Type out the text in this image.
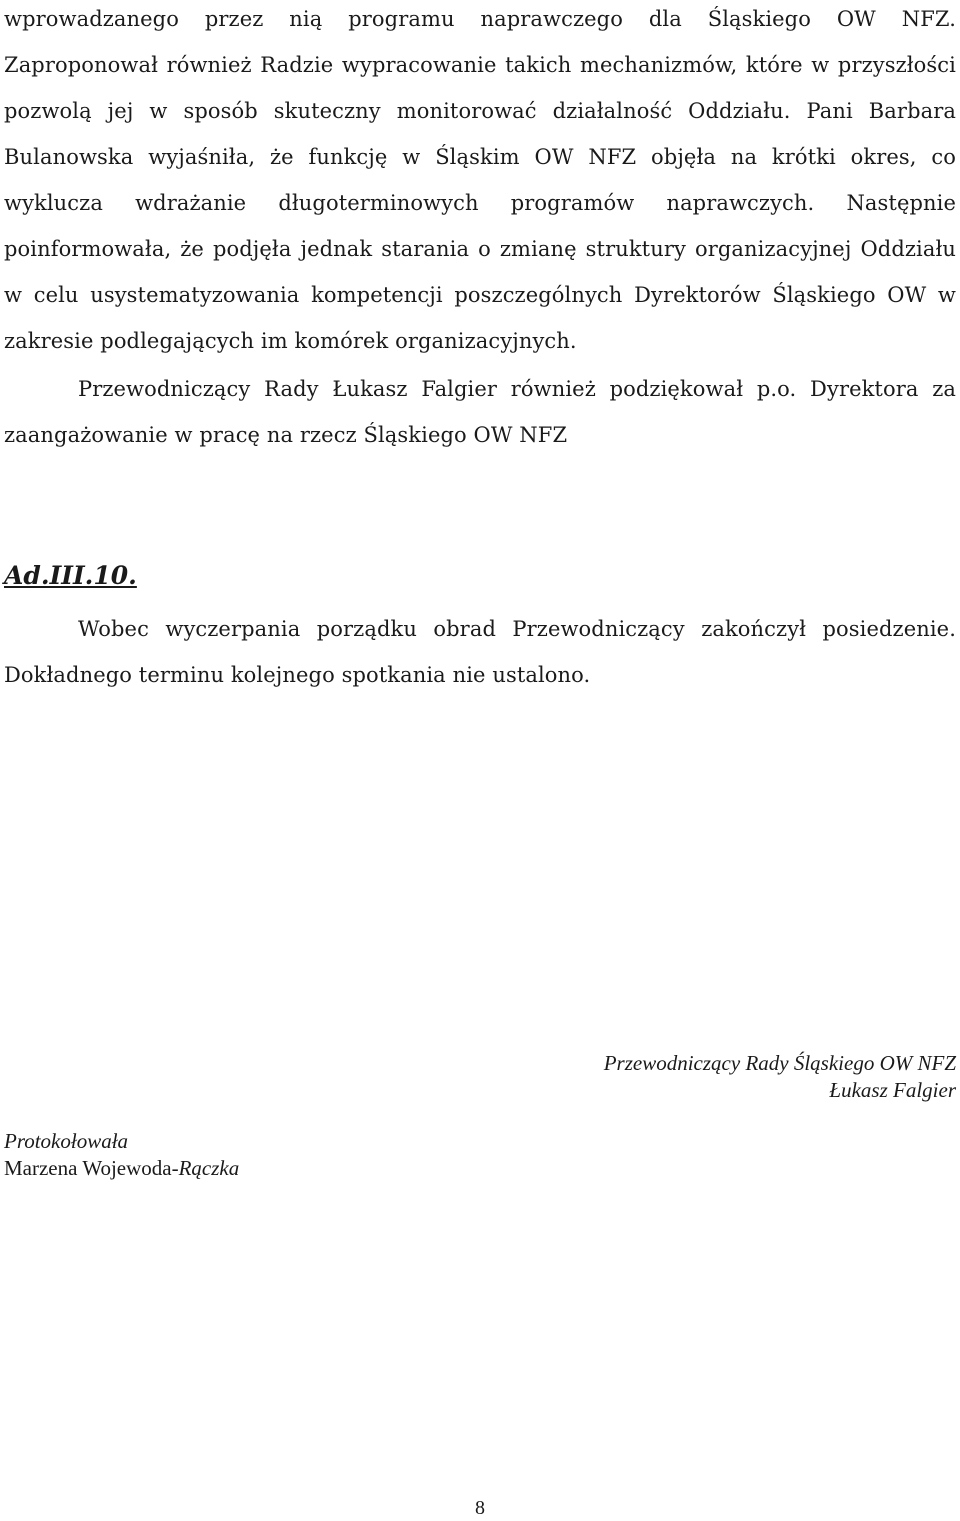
wprowadzanego przez nią programu naprawczego dla Śląskiego OW NFZ. Zaproponował również Radzie wypracowanie takich mechanizmów, które w przyszłości pozwolą jej w sposób skuteczny monitorować działalność Oddziału. Pani Barbara Bulanowska wyjaśniła, że funkcję w Śląskim OW NFZ objęła na krótki okres, co wyklucza wdrażanie długoterminowych programów naprawczych. Następnie poinformowała, że podjęła jednak starania o zmianę struktury organizacyjnej Oddziału w celu usystematyzowania kompetencji poszczególnych Dyrektorów Śląskiego OW w zakresie podlegających im komórek organizacyjnych.
Przewodniczący Rady Łukasz Falgier również podziękował p.o. Dyrektora za zaangażowanie w pracę na rzecz Śląskiego OW NFZ
Ad.III.10.
Wobec wyczerpania porządku obrad Przewodniczący zakończył posiedzenie. Dokładnego terminu kolejnego spotkania nie ustalono.
Przewodniczący Rady Śląskiego OW NFZ
Łukasz Falgier
Protokołowała
Marzena Wojewoda-Rączka
8
